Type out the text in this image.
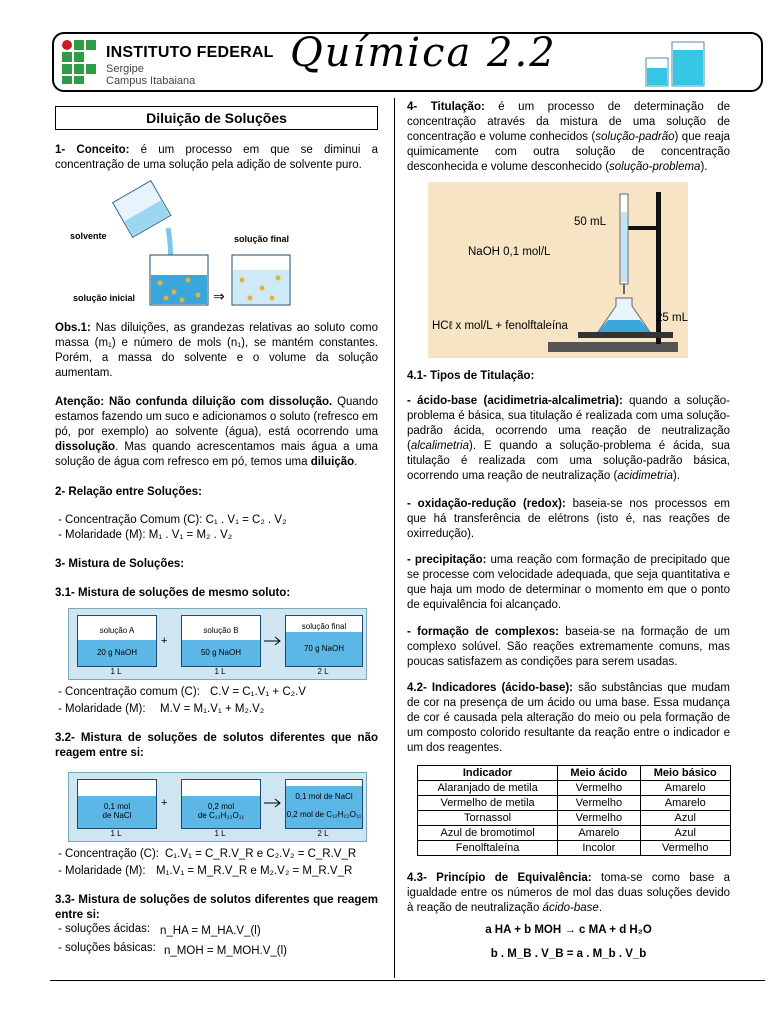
INSTITUTO FEDERAL
Sergipe
Campus Itabaiana
Química 2.2
Diluição de Soluções
1- Conceito: é um processo em que se diminui a concentração de uma solução pela adição de solvente puro.
solvente	solução final
solução inicial	⇒
Obs.1: Nas diluições, as grandezas relativas ao soluto como massa (m₁) e número de mols (n₁), se mantém constantes. Porém, a massa do solvente e o volume da solução aumentam.
Atenção: Não confunda diluição com dissolução. Quando estamos fazendo um suco e adicionamos o soluto (refresco em pó, por exemplo) ao solvente (água), está ocorrendo uma dissolução. Mas quando acrescentamos mais água a uma solução de água com refresco em pó, temos uma diluição.
2- Relação entre Soluções:
- Concentração Comum (C): C₁ . V₁ = C₂ . V₂
- Molaridade (M): M₁ . V₁ = M₂ . V₂
3- Mistura de Soluções:
3.1- Mistura de soluções de mesmo soluto:
solução A
20 g NaOH
1 L
+
solução B
50 g NaOH
1 L
solução final
70 g NaOH
2 L
- Concentração comum (C): C.V = C₁.V₁ + C₂.V
- Molaridade (M): M.V = M₁.V₁ + M₂.V₂
3.2- Mistura de soluções de solutos diferentes que não reagem entre si:
0,1 mol
de NaCl
1 L
+	0,2 mol
de C₁₂H₂₂O₁₁
1 L
0,1 mol de NaCl
0,2 mol de C₁₂H₂₂O₁₁
2 L
- Concentração (C): C₁.V₁ = C_R.V_R e C₂.V₂ = C_R.V_R
- Molaridade (M): M₁.V₁ = M_R.V_R e M₂.V₂ = M_R.V_R
3.3- Mistura de soluções de solutos diferentes que reagem entre si:
- soluções ácidas: n_HA = M_HA.V_(l)
- soluções básicas: n_MOH = M_MOH.V_(l)
4- Titulação: é um processo de determinação de concentração através da mistura de uma solução de concentração e volume conhecidos (solução-padrão) que reaja quimicamente com outra solução de concentração desconhecida e volume desconhecido (solução-problema).
50 mL
NaOH 0,1 mol/L
HCℓ x mol/L + fenolftaleína
25 mL
4.1- Tipos de Titulação:
- ácido-base (acidimetria-alcalimetria): quando a solução-problema é básica, sua titulação é realizada com uma solução-padrão ácida, ocorrendo uma reação de neutralização (alcalimetria). E quando a solução-problema é ácida, sua titulação é realizada com uma solução-padrão básica, ocorrendo uma reação de neutralização (acidimetria).
- oxidação-redução (redox): baseia-se nos processos em que há transferência de elétrons (isto é, nas reações de oxirredução).
- precipitação: uma reação com formação de precipitado que se processe com velocidade adequada, que seja quantitativa e que haja um modo de determinar o momento em que o ponto de equivalência foi alcançado.
- formação de complexos: baseia-se na formação de um complexo solúvel. São reações extremamente comuns, mas poucas satisfazem as condições para serem usadas.
4.2- Indicadores (ácido-base): são substâncias que mudam de cor na presença de um ácido ou uma base. Essa mudança de cor é causada pela alteração do meio ou pela formação de um composto colorido resultante da reação entre o indicador e um dos reagentes.
Indicador	Meio ácido	Meio básico
Alaranjado de metila	Vermelho	Amarelo
Vermelho de metila	Vermelho	Amarelo
Tornassol	Vermelho	Azul
Azul de bromotimol	Amarelo	Azul
Fenolftaleína	Incolor	Vermelho
4.3- Princípio de Equivalência: toma-se como base a igualdade entre os números de mol das duas soluções devido à reação de neutralização ácido-base.
a HA + b MOH → c MA + d H₂O
b . M_B . V_B = a . M_b . V_b
